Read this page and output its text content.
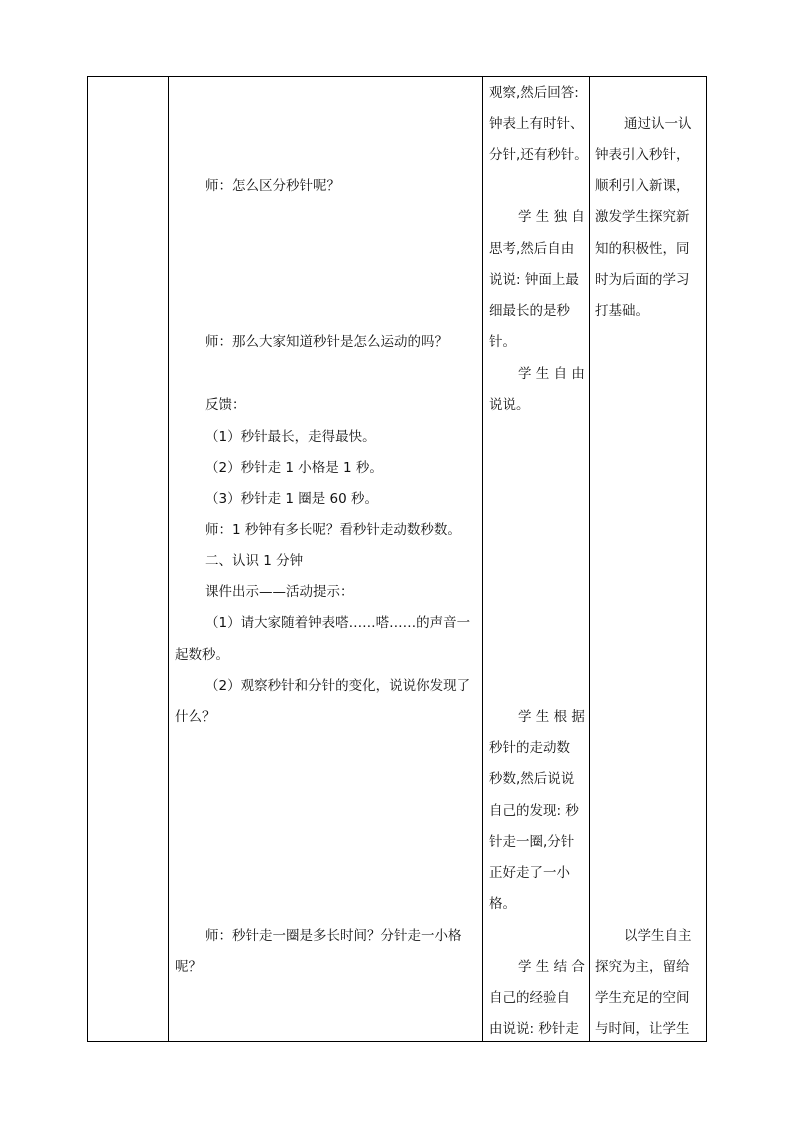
师：怎么区分秒针呢？
师：那么大家知道秒针是怎么运动的吗？
反馈：
（1）秒针最长，走得最快。
（2）秒针走 1 小格是 1 秒。
（3）秒针走 1 圈是 60 秒。
师：1 秒钟有多长呢？看秒针走动数秒数。
二、认识 1 分钟
课件出示——活动提示：
（1）请大家随着钟表嗒……嗒……的声音一
起数秒。
（2）观察秒针和分针的变化，说说你发现了
什么？
师：秒针走一圈是多长时间？分针走一小格
呢？
观察,然后回答:
钟表上有时针、
分针,还有秒针。
学 生 独 自
思考,然后自由
说说: 钟面上最
细最长的是秒
针。
学 生 自 由
说说。
学 生 根 据
秒针的走动数
秒数,然后说说
自己的发现: 秒
针走一圈,分针
正好走了一小
格。
学 生 结 合
自己的经验自
由说说: 秒针走
通过认一认
钟表引入秒针，
顺利引入新课，
激发学生探究新
知的积极性，同
时为后面的学习
打基础。
以学生自主
探究为主，留给
学生充足的空间
与时间，让学生
